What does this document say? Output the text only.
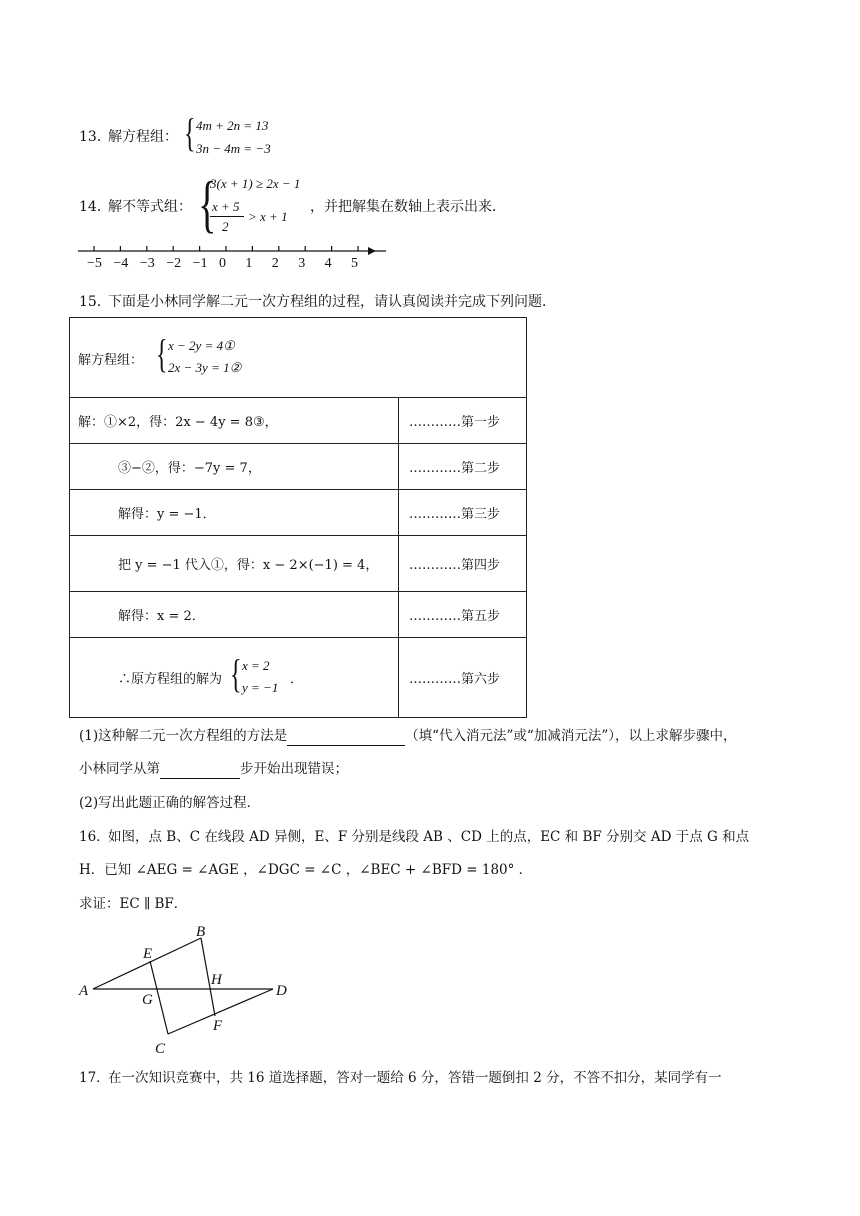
13．
解方程组： { 4m + 2n = 13
3n − 4m = −3
14．
解不等式组： {
3(x + 1) ≥ 2x − 1
x + 5
2
> x + 1
，并把解集在数轴上表示出来．
−5 −4 −3 −2 −1 0 1 2 3 4 5
15．
下面是小林同学解二元一次方程组的过程，请认真阅读并完成下列问题．
解方程组： { x − 2y = 4①
2x − 3y = 1②	

解：①×2，得：2x − 4y = 8③，	…………第一步
③−②，得：−7y = 7，	…………第二步
解得：y = −1．	…………第三步
把 y = −1 代入①，得：x − 2×(−1) = 4，	…………第四步
解得：x = 2．	…………第五步

∴原方程组的解为 { x = 2
y = −1
．	…………第六步
(1)这种解二元一次方程组的方法是	（填“代入消元法”或“加减消元法”），以上求解步骤中，
小林同学从第	步开始出现错误；
(2)写出此题正确的解答过程．
16．
如图，点 B、C 在线段 AD 异侧，E、F 分别是线段 AB 、CD 上的点，EC 和 BF 分别交 AD 于点 G 和点
H．已知 ∠AEG = ∠AGE ，∠DGC = ∠C ，∠BEC + ∠BFD = 180° ．
求证：EC ∥ BF．
A
B
C
D
E
F
G
H
17．
在一次知识竞赛中，共 16 道选择题，答对一题给 6 分，答错一题倒扣 2 分，不答不扣分，某同学有一
